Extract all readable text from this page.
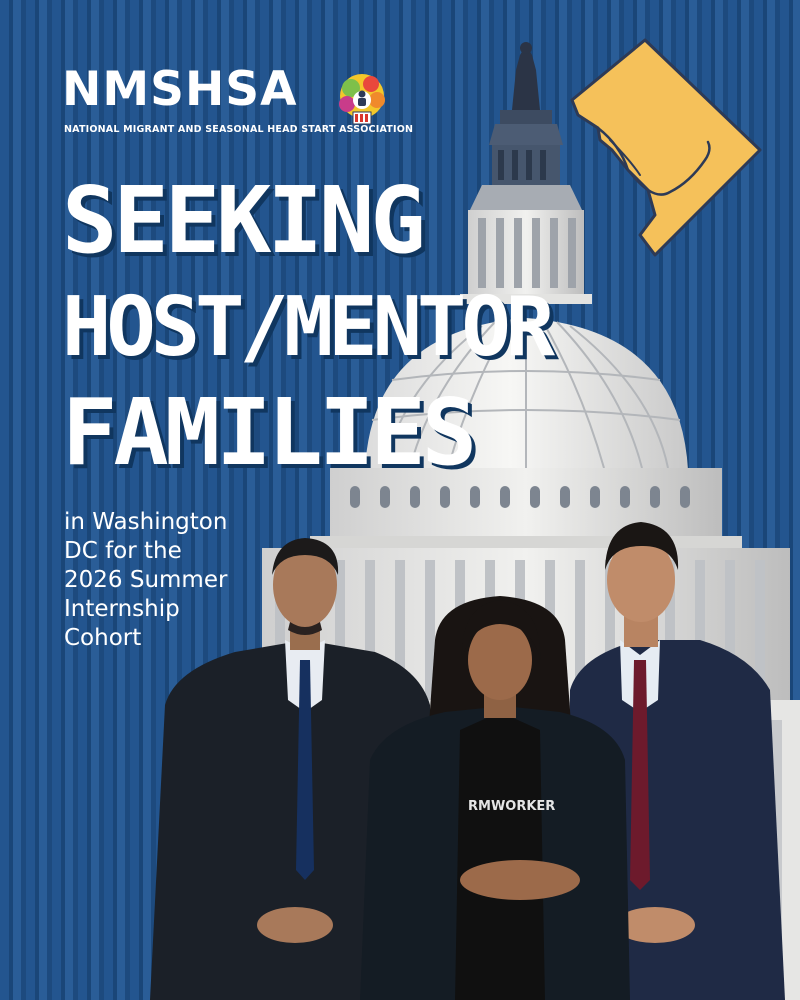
RMWORKER
NMSHSA
NATIONAL MIGRANT AND SEASONAL HEAD START ASSOCIATION
SEEKING
HOST/MENTOR
FAMILIES
in Washington
DC for the
2026 Summer
Internship
Cohort
